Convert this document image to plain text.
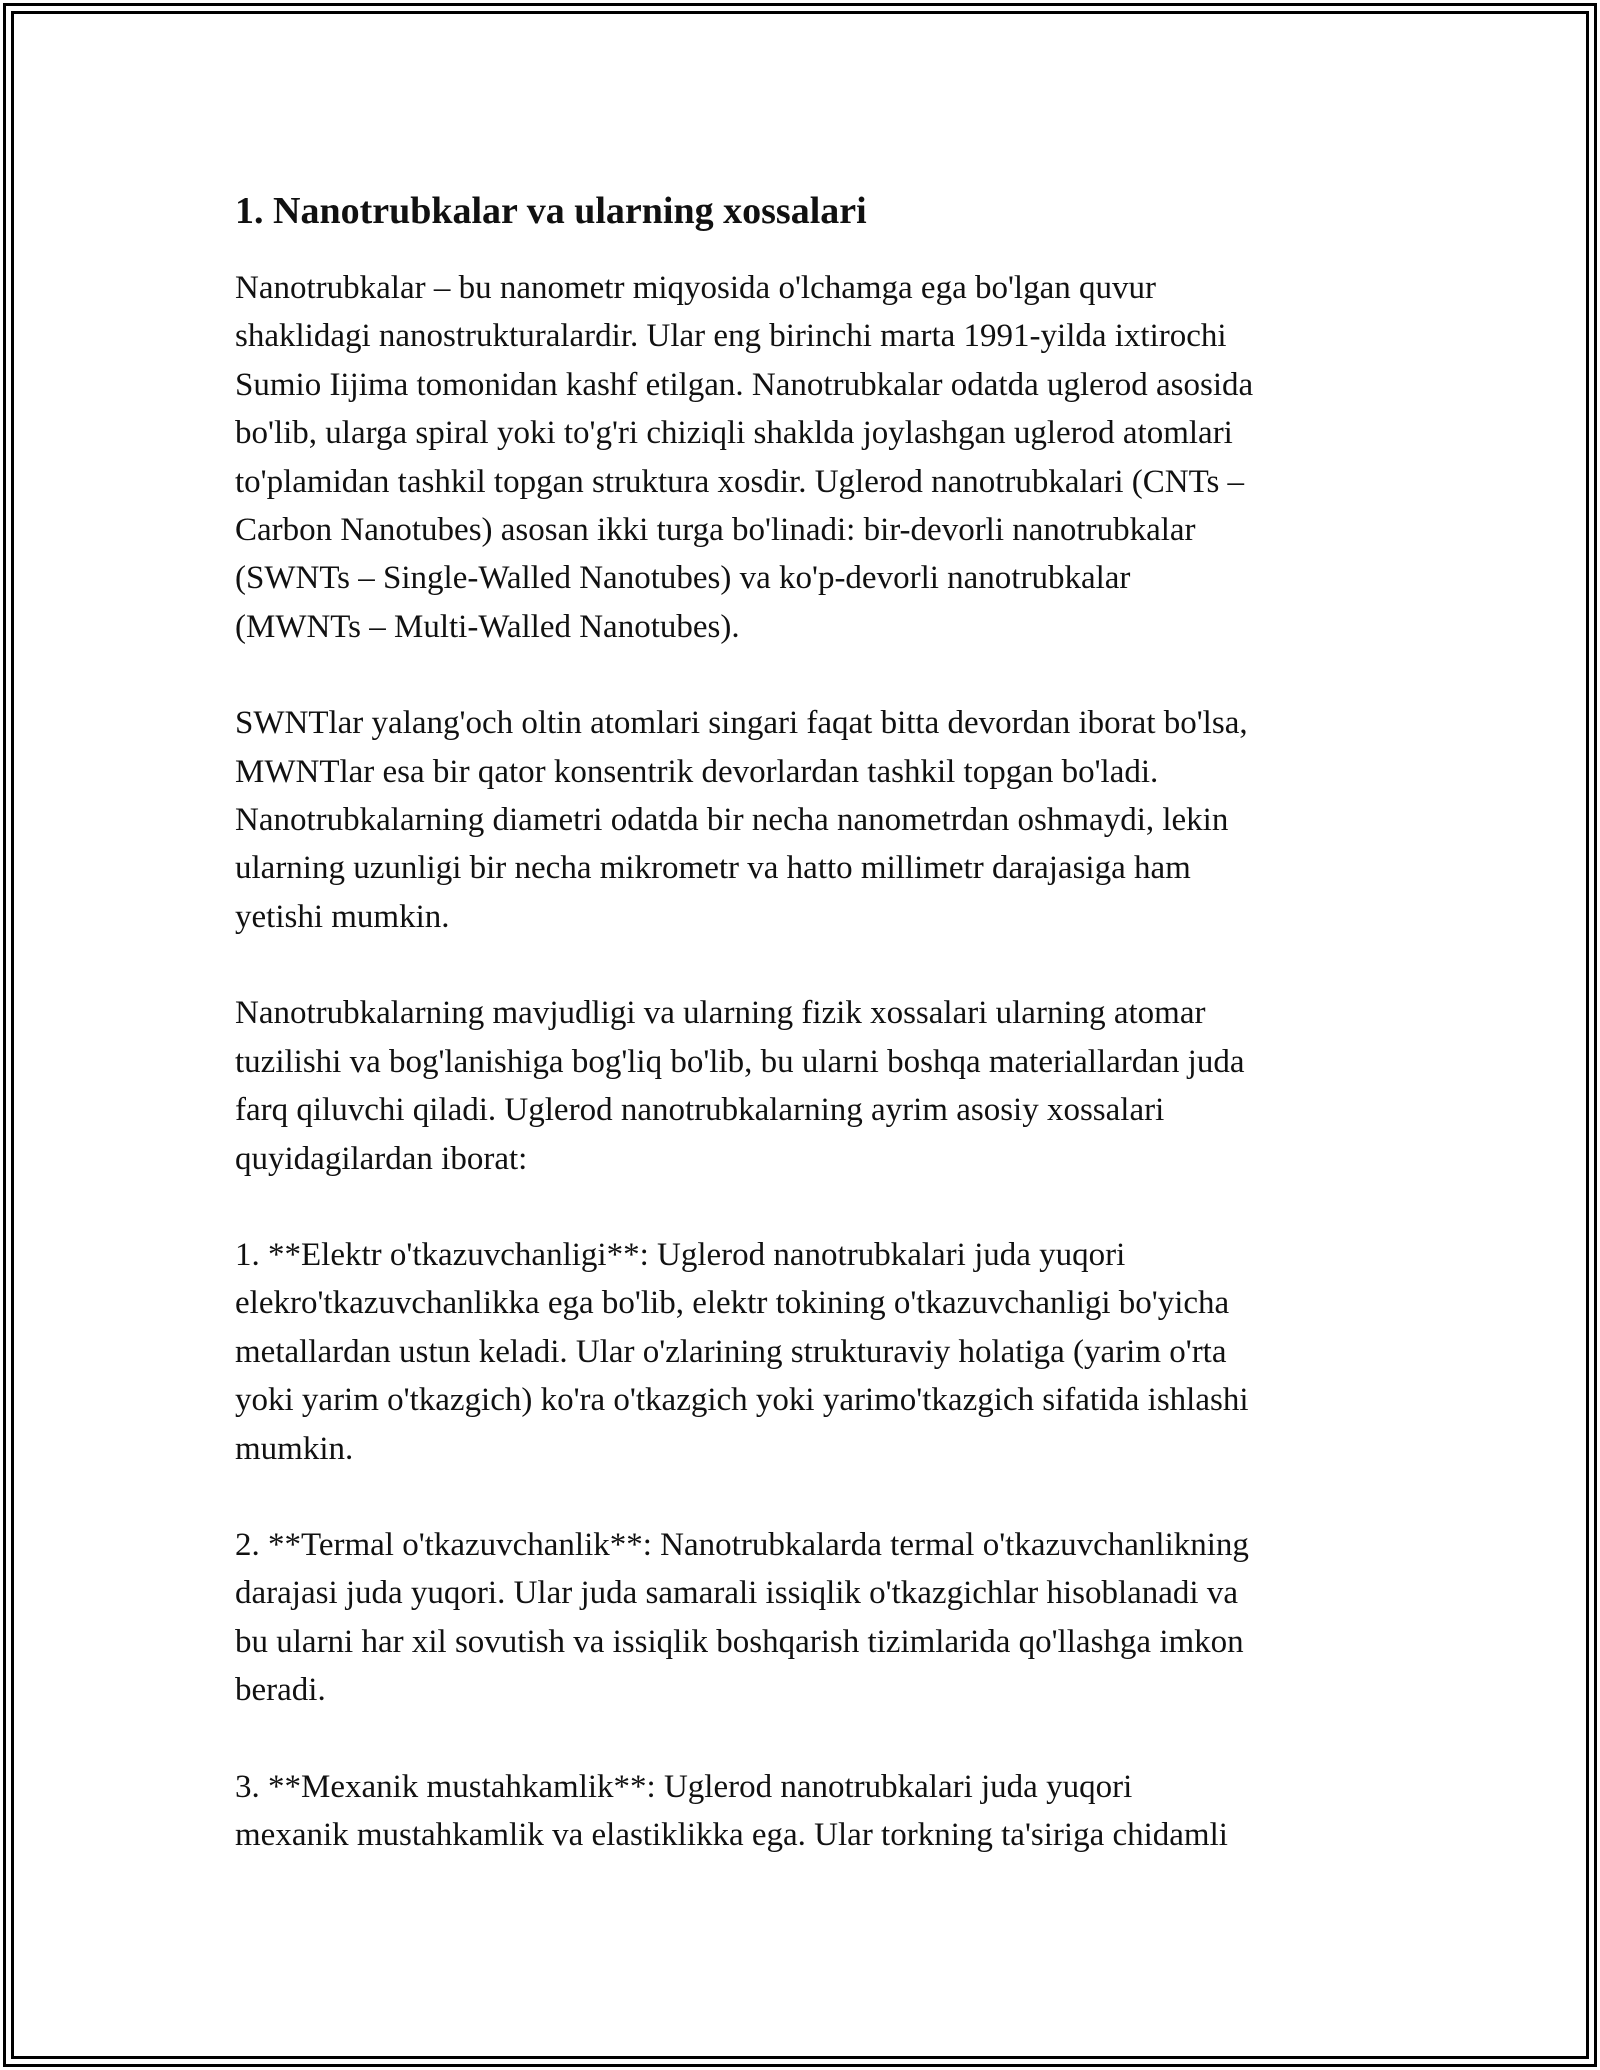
1. Nanotrubkalar va ularning xossalari

Nanotrubkalar – bu nanometr miqyosida o'lchamga ega bo'lgan quvur
shaklidagi nanostrukturalardir. Ular eng birinchi marta 1991-yilda ixtirochi
Sumio Iijima tomonidan kashf etilgan. Nanotrubkalar odatda uglerod asosida
bo'lib, ularga spiral yoki to'g'ri chiziqli shaklda joylashgan uglerod atomlari
to'plamidan tashkil topgan struktura xosdir. Uglerod nanotrubkalari (CNTs –
Carbon Nanotubes) asosan ikki turga bo'linadi: bir-devorli nanotrubkalar
(SWNTs – Single-Walled Nanotubes) va ko'p-devorli nanotrubkalar
(MWNTs – Multi-Walled Nanotubes).

SWNTlar yalang'och oltin atomlari singari faqat bitta devordan iborat bo'lsa,
MWNTlar esa bir qator konsentrik devorlardan tashkil topgan bo'ladi.
Nanotrubkalarning diametri odatda bir necha nanometrdan oshmaydi, lekin
ularning uzunligi bir necha mikrometr va hatto millimetr darajasiga ham
yetishi mumkin.

Nanotrubkalarning mavjudligi va ularning fizik xossalari ularning atomar
tuzilishi va bog'lanishiga bog'liq bo'lib, bu ularni boshqa materiallardan juda
farq qiluvchi qiladi. Uglerod nanotrubkalarning ayrim asosiy xossalari
quyidagilardan iborat:

1. **Elektr o'tkazuvchanligi**: Uglerod nanotrubkalari juda yuqori
elekro'tkazuvchanlikka ega bo'lib, elektr tokining o'tkazuvchanligi bo'yicha
metallardan ustun keladi. Ular o'zlarining strukturaviy holatiga (yarim o'rta
yoki yarim o'tkazgich) ko'ra o'tkazgich yoki yarimo'tkazgich sifatida ishlashi
mumkin.

2. **Termal o'tkazuvchanlik**: Nanotrubkalarda termal o'tkazuvchanlikning
darajasi juda yuqori. Ular juda samarali issiqlik o'tkazgichlar hisoblanadi va
bu ularni har xil sovutish va issiqlik boshqarish tizimlarida qo'llashga imkon
beradi.

3. **Mexanik mustahkamlik**: Uglerod nanotrubkalari juda yuqori
mexanik mustahkamlik va elastiklikka ega. Ular torkning ta'siriga chidamli
